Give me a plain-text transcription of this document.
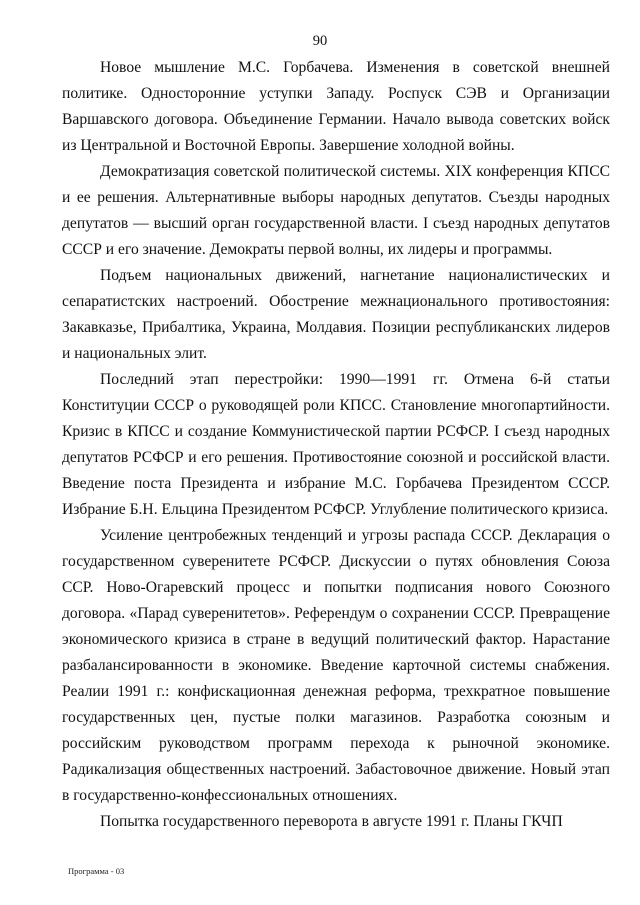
90

Новое мышление М.С. Горбачева. Изменения в советской внешней политике. Односторонние уступки Западу. Роспуск СЭВ и Организации Варшавского договора. Объединение Германии. Начало вывода советских войск из Центральной и Восточной Европы. Завершение холодной войны.

Демократизация советской политической системы. XIX конференция КПСС и ее решения. Альтернативные выборы народных депутатов. Съезды народных депутатов — высший орган государственной власти. I съезд народных депутатов СССР и его значение. Демократы первой волны, их лидеры и программы.

Подъем национальных движений, нагнетание националистических и сепаратистских настроений. Обострение межнационального противостояния: Закавказье, Прибалтика, Украина, Молдавия. Позиции республиканских лидеров и национальных элит.

Последний этап перестройки: 1990—1991 гг. Отмена 6-й статьи Конституции СССР о руководящей роли КПСС. Становление многопартийности. Кризис в КПСС и создание Коммунистической партии РСФСР. I съезд народных депутатов РСФСР и его решения. Противостояние союзной и российской власти. Введение поста Президента и избрание М.С. Горбачева Президентом СССР. Избрание Б.Н. Ельцина Президентом РСФСР. Углубление политического кризиса.

Усиление центробежных тенденций и угрозы распада СССР. Декларация о государственном суверенитете РСФСР. Дискуссии о путях обновления Союза ССР. Ново-Огаревский процесс и попытки подписания нового Союзного договора. «Парад суверенитетов». Референдум о сохранении СССР. Превращение экономического кризиса в стране в ведущий политический фактор. Нарастание разбалансированности в экономике. Введение карточной системы снабжения. Реалии 1991 г.: конфискационная денежная реформа, трехкратное повышение государственных цен, пустые полки магазинов. Разработка союзным и российским руководством программ перехода к рыночной экономике. Радикализация общественных настроений. Забастовочное движение. Новый этап в государственно-конфессиональных отношениях.

Попытка государственного переворота в августе 1991 г. Планы ГКЧП

Программа - 03
